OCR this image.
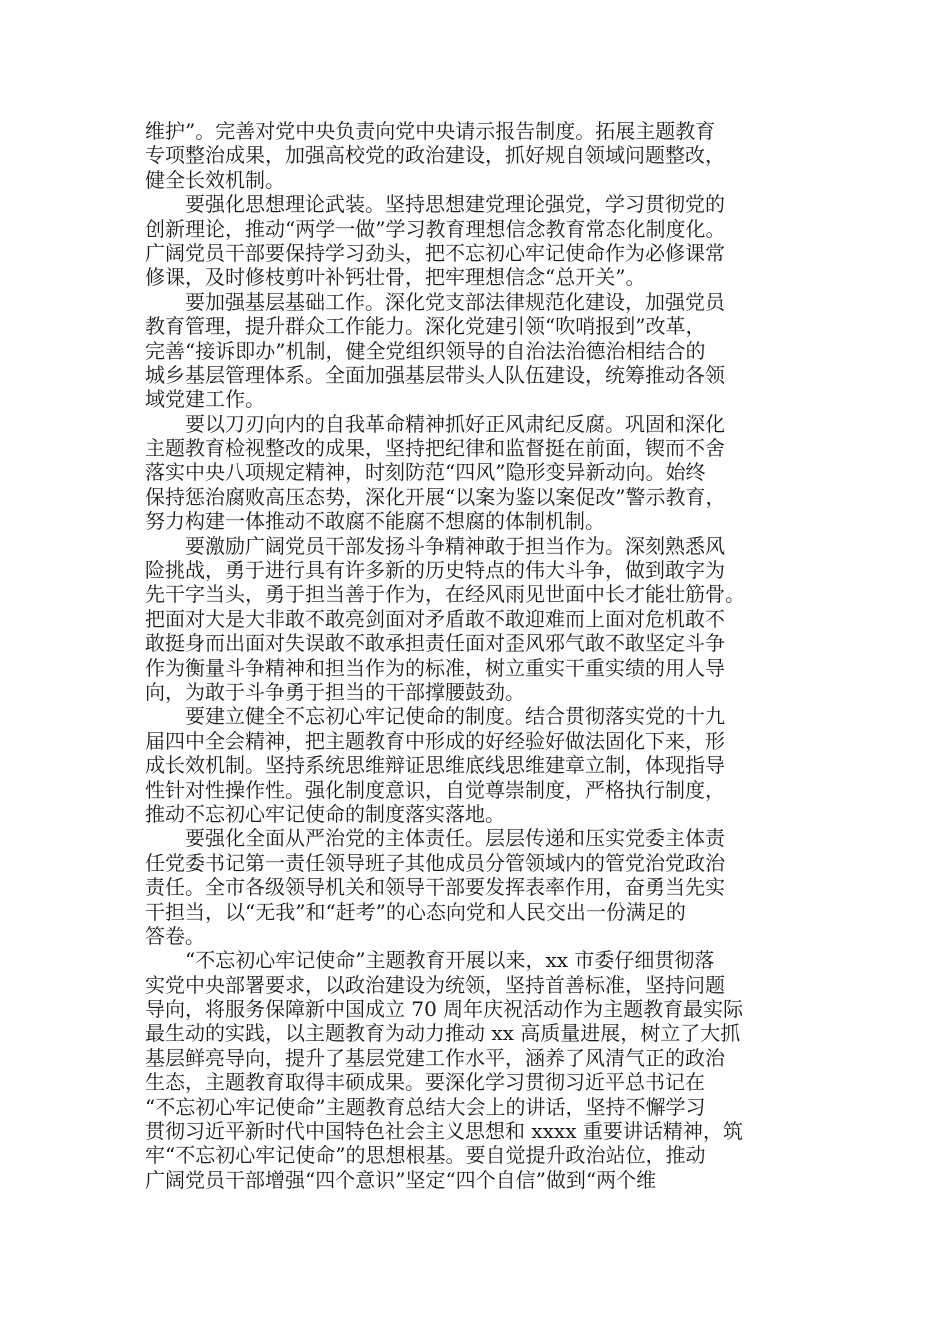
维护”。完善对党中央负责向党中央请示报告制度。拓展主题教育
专项整治成果，加强高校党的政治建设，抓好规自领域问题整改，
健全长效机制。
　　要强化思想理论武装。坚持思想建党理论强党，学习贯彻党的
创新理论，推动“两学一做”学习教育理想信念教育常态化制度化。
广阔党员干部要保持学习劲头，把不忘初心牢记使命作为必修课常
修课，及时修枝剪叶补钙壮骨，把牢理想信念“总开关”。
　　要加强基层基础工作。深化党支部法律规范化建设，加强党员
教育管理，提升群众工作能力。深化党建引领“吹哨报到”改革，
完善“接诉即办”机制，健全党组织领导的自治法治德治相结合的
城乡基层管理体系。全面加强基层带头人队伍建设，统筹推动各领
域党建工作。
　　要以刀刃向内的自我革命精神抓好正风肃纪反腐。巩固和深化
主题教育检视整改的成果，坚持把纪律和监督挺在前面，锲而不舍
落实中央八项规定精神，时刻防范“四风”隐形变异新动向。始终
保持惩治腐败高压态势，深化开展“以案为鉴以案促改”警示教育，
努力构建一体推动不敢腐不能腐不想腐的体制机制。
　　要激励广阔党员干部发扬斗争精神敢于担当作为。深刻熟悉风
险挑战，勇于进行具有许多新的历史特点的伟大斗争，做到敢字为
先干字当头，勇于担当善于作为，在经风雨见世面中长才能壮筋骨。
把面对大是大非敢不敢亮剑面对矛盾敢不敢迎难而上面对危机敢不
敢挺身而出面对失误敢不敢承担责任面对歪风邪气敢不敢坚定斗争
作为衡量斗争精神和担当作为的标准，树立重实干重实绩的用人导
向，为敢于斗争勇于担当的干部撑腰鼓劲。
　　要建立健全不忘初心牢记使命的制度。结合贯彻落实党的十九
届四中全会精神，把主题教育中形成的好经验好做法固化下来，形
成长效机制。坚持系统思维辩证思维底线思维建章立制，体现指导
性针对性操作性。强化制度意识，自觉尊崇制度，严格执行制度，
推动不忘初心牢记使命的制度落实落地。
　　要强化全面从严治党的主体责任。层层传递和压实党委主体责
任党委书记第一责任领导班子其他成员分管领域内的管党治党政治
责任。全市各级领导机关和领导干部要发挥表率作用，奋勇当先实
干担当，以“无我”和“赶考”的心态向党和人民交出一份满足的
答卷。
　　“不忘初心牢记使命”主题教育开展以来，xx 市委仔细贯彻落
实党中央部署要求，以政治建设为统领，坚持首善标准，坚持问题
导向，将服务保障新中国成立 70 周年庆祝活动作为主题教育最实际
最生动的实践，以主题教育为动力推动 xx 高质量进展，树立了大抓
基层鲜亮导向，提升了基层党建工作水平，涵养了风清气正的政治
生态，主题教育取得丰硕成果。要深化学习贯彻习近平总书记在
“不忘初心牢记使命”主题教育总结大会上的讲话，坚持不懈学习
贯彻习近平新时代中国特色社会主义思想和 xxxx 重要讲话精神，筑
牢“不忘初心牢记使命”的思想根基。要自觉提升政治站位，推动
广阔党员干部增强“四个意识”坚定“四个自信”做到“两个维
